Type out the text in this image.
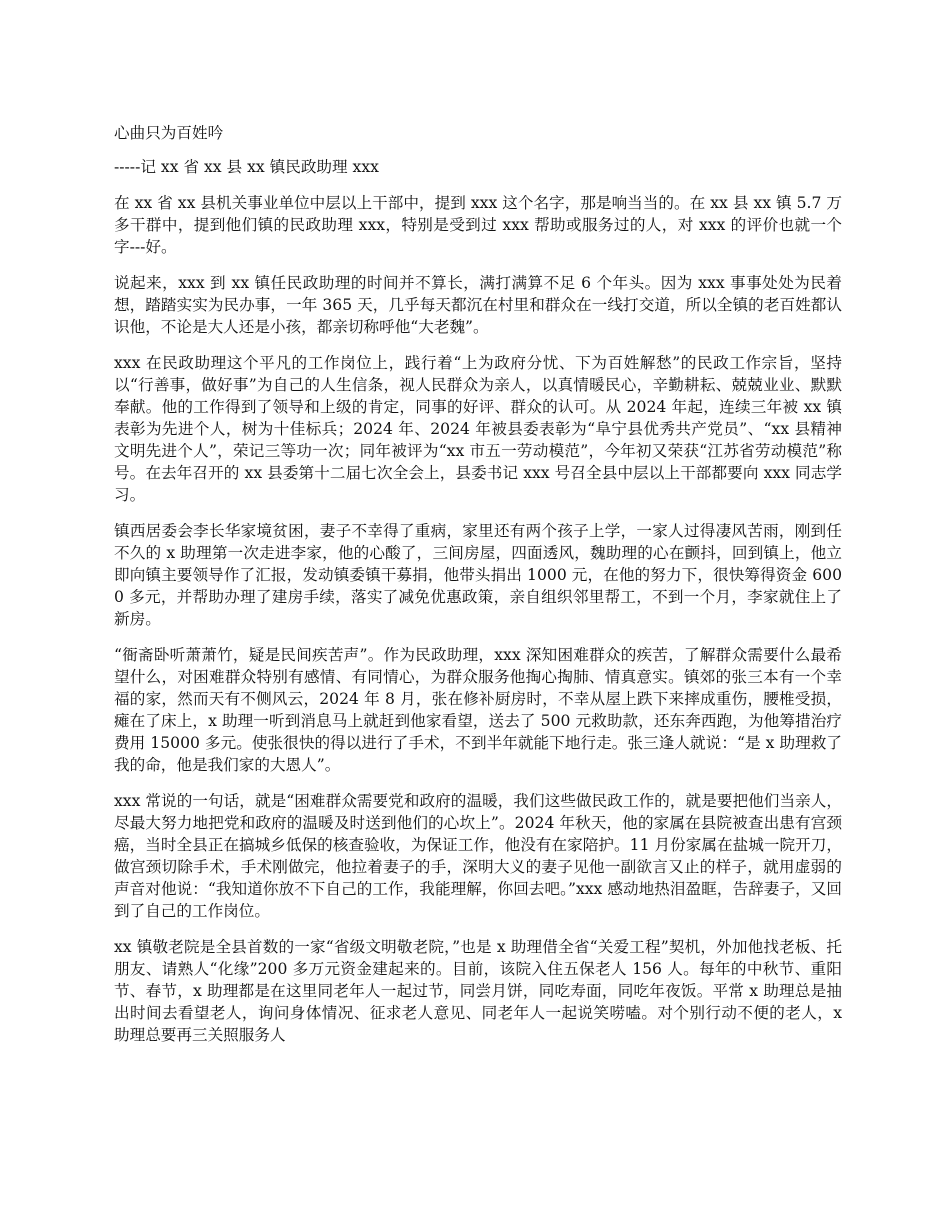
心曲只为百姓吟

-----记 xx 省 xx 县 xx 镇民政助理 xxx

在 xx 省 xx 县机关事业单位中层以上干部中，提到 xxx 这个名字，那是响当当的。在 xx 县 xx 镇 5.7 万多干群中，提到他们镇的民政助理 xxx，特别是受到过 xxx 帮助或服务过的人，对 xxx 的评价也就一个字---好。

说起来，xxx 到 xx 镇任民政助理的时间并不算长，满打满算不足 6 个年头。因为 xxx 事事处处为民着想，踏踏实实为民办事，一年 365 天，几乎每天都沉在村里和群众在一线打交道，所以全镇的老百姓都认识他，不论是大人还是小孩，都亲切称呼他“大老魏”。

xxx 在民政助理这个平凡的工作岗位上，践行着“上为政府分忧、下为百姓解愁”的民政工作宗旨，坚持以“行善事，做好事”为自己的人生信条，视人民群众为亲人，以真情暖民心，辛勤耕耘、兢兢业业、默默奉献。他的工作得到了领导和上级的肯定，同事的好评、群众的认可。从 2024 年起，连续三年被 xx 镇表彰为先进个人，树为十佳标兵；2024 年、2024 年被县委表彰为“阜宁县优秀共产党员”、“xx 县精神文明先进个人”，荣记三等功一次；同年被评为“xx 市五一劳动模范”，今年初又荣获“江苏省劳动模范”称号。在去年召开的 xx 县委第十二届七次全会上，县委书记 xxx 号召全县中层以上干部都要向 xxx 同志学习。

镇西居委会李长华家境贫困，妻子不幸得了重病，家里还有两个孩子上学，一家人过得凄风苦雨，刚到任不久的 x 助理第一次走进李家，他的心酸了，三间房屋，四面透风，魏助理的心在颤抖，回到镇上，他立即向镇主要领导作了汇报，发动镇委镇干募捐，他带头捐出 1000 元，在他的努力下，很快筹得资金 6000 多元，并帮助办理了建房手续，落实了减免优惠政策，亲自组织邻里帮工，不到一个月，李家就住上了新房。

“衙斋卧听萧萧竹，疑是民间疾苦声”。作为民政助理，xxx 深知困难群众的疾苦，了解群众需要什么最希望什么，对困难群众特别有感情、有同情心，为群众服务他掏心掏肺、情真意实。镇郊的张三本有一个幸福的家，然而天有不侧风云，2024 年 8 月，张在修补厨房时，不幸从屋上跌下来摔成重伤，腰椎受损，瘫在了床上，x 助理一听到消息马上就赶到他家看望，送去了 500 元救助款，还东奔西跑，为他筹措治疗费用 15000 多元。使张很快的得以进行了手术，不到半年就能下地行走。张三逢人就说：“是 x 助理救了我的命，他是我们家的大恩人”。

xxx 常说的一句话，就是“困难群众需要党和政府的温暖，我们这些做民政工作的，就是要把他们当亲人，尽最大努力地把党和政府的温暖及时送到他们的心坎上”。2024 年秋天，他的家属在县院被查出患有宫颈癌，当时全县正在搞城乡低保的核查验收，为保证工作，他没有在家陪护。11 月份家属在盐城一院开刀，做宫颈切除手术，手术刚做完，他拉着妻子的手，深明大义的妻子见他一副欲言又止的样子，就用虚弱的声音对他说：“我知道你放不下自己的工作，我能理解，你回去吧。”xxx 感动地热泪盈眶，告辞妻子，又回到了自己的工作岗位。

xx 镇敬老院是全县首数的一家“省级文明敬老院，”也是 x 助理借全省“关爱工程”契机，外加他找老板、托朋友、请熟人“化缘”200 多万元资金建起来的。目前，该院入住五保老人 156 人。每年的中秋节、重阳节、春节，x 助理都是在这里同老年人一起过节，同尝月饼，同吃寿面，同吃年夜饭。平常 x 助理总是抽出时间去看望老人，询问身体情况、征求老人意见、同老年人一起说笑唠嗑。对个别行动不便的老人，x 助理总要再三关照服务人
